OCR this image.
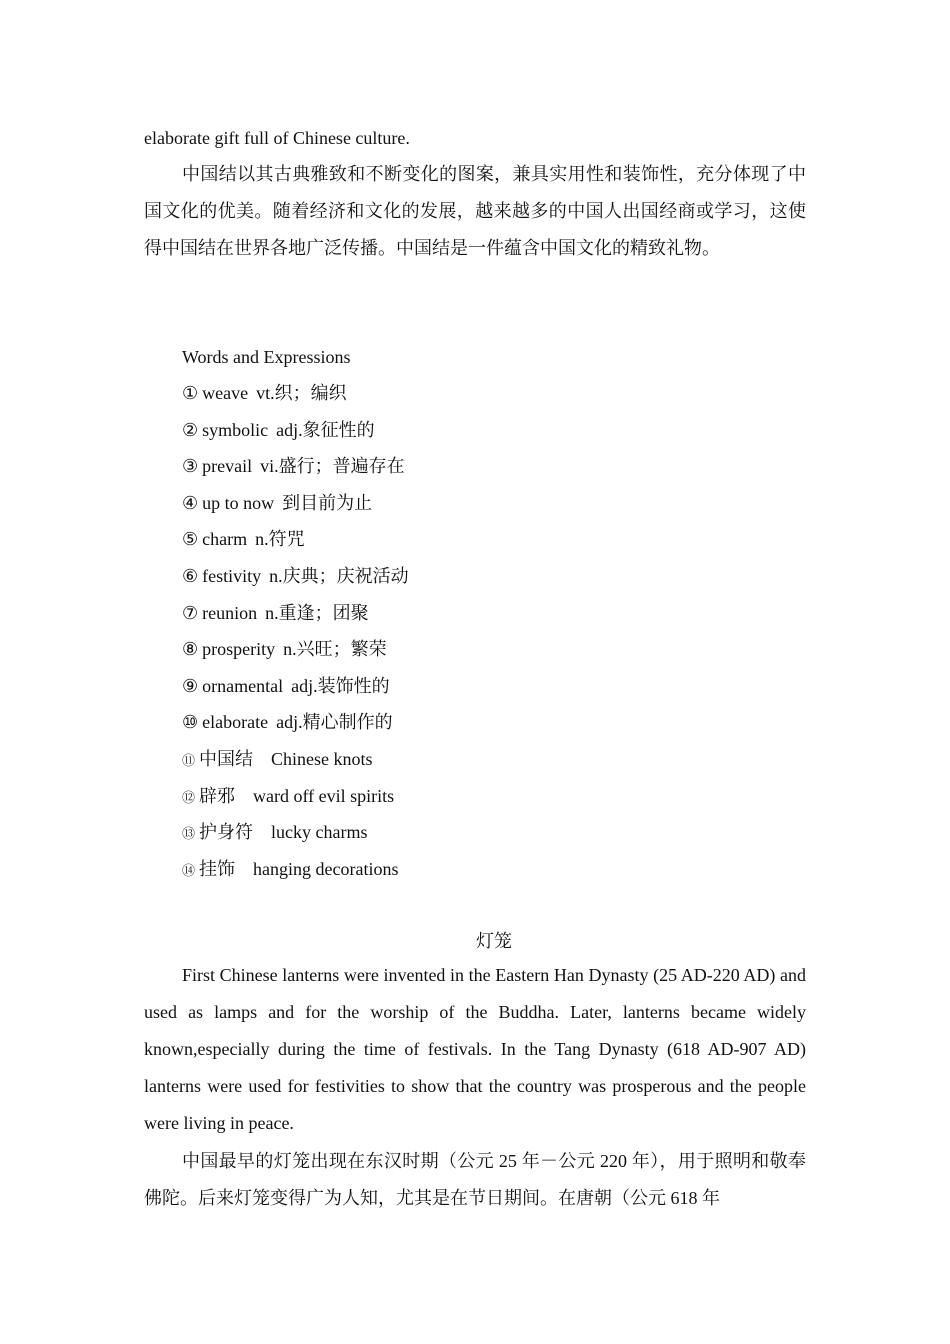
elaborate gift full of Chinese culture.
中国结以其古典雅致和不断变化的图案，兼具实用性和装饰性，充分体现了中国文化的优美。随着经济和文化的发展，越来越多的中国人出国经商或学习，这使得中国结在世界各地广泛传播。中国结是一件蕴含中国文化的精致礼物。
Words and Expressions
① weave vt.织；编织
② symbolic adj.象征性的
③ prevail vi.盛行；普遍存在
④ up to now 到目前为止
⑤ charm n.符咒
⑥ festivity n.庆典；庆祝活动
⑦ reunion n.重逢；团聚
⑧ prosperity n.兴旺；繁荣
⑨ ornamental adj.装饰性的
⑩ elaborate adj.精心制作的
⑪ 中国结 Chinese knots
⑫ 辟邪 ward off evil spirits
⑬ 护身符 lucky charms
⑭ 挂饰 hanging decorations
灯笼
First Chinese lanterns were invented in the Eastern Han Dynasty (25 AD-220 AD) and used as lamps and for the worship of the Buddha. Later, lanterns became widely known,especially during the time of festivals. In the Tang Dynasty (618 AD-907 AD) lanterns were used for festivities to show that the country was prosperous and the people were living in peace.
中国最早的灯笼出现在东汉时期（公元 25 年－公元 220 年），用于照明和敬奉佛陀。后来灯笼变得广为人知，尤其是在节日期间。在唐朝（公元 618 年
